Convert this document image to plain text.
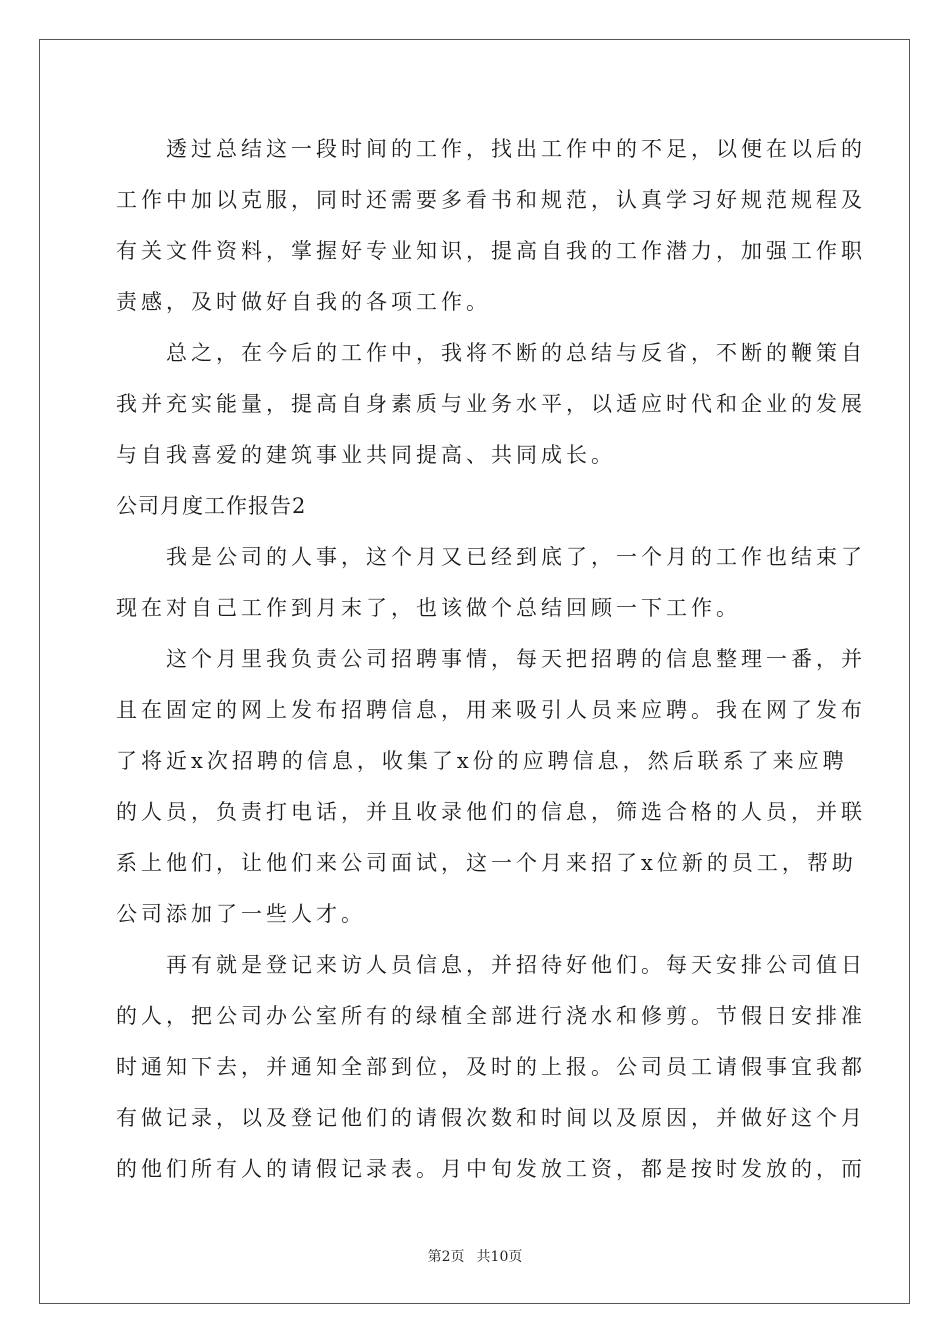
　　透过总结这一段时间的工作，找出工作中的不足，以便在以后的
工作中加以克服，同时还需要多看书和规范，认真学习好规范规程及
有关文件资料，掌握好专业知识，提高自我的工作潜力，加强工作职
责感，及时做好自我的各项工作。
　　总之，在今后的工作中，我将不断的总结与反省，不断的鞭策自
我并充实能量，提高自身素质与业务水平，以适应时代和企业的发展
与自我喜爱的建筑事业共同提高、共同成长。
公司月度工作报告2
　　我是公司的人事，这个月又已经到底了，一个月的工作也结束了
现在对自己工作到月末了，也该做个总结回顾一下工作。
　　这个月里我负责公司招聘事情，每天把招聘的信息整理一番，并
且在固定的网上发布招聘信息，用来吸引人员来应聘。我在网了发布
了将近x次招聘的信息，收集了x份的应聘信息，然后联系了来应聘
的人员，负责打电话，并且收录他们的信息，筛选合格的人员，并联
系上他们，让他们来公司面试，这一个月来招了x位新的员工，帮助
公司添加了一些人才。
　　再有就是登记来访人员信息，并招待好他们。每天安排公司值日
的人，把公司办公室所有的绿植全部进行浇水和修剪。节假日安排准
时通知下去，并通知全部到位，及时的上报。公司员工请假事宜我都
有做记录，以及登记他们的请假次数和时间以及原因，并做好这个月
的他们所有人的请假记录表。月中旬发放工资，都是按时发放的，而
第2页 共10页
